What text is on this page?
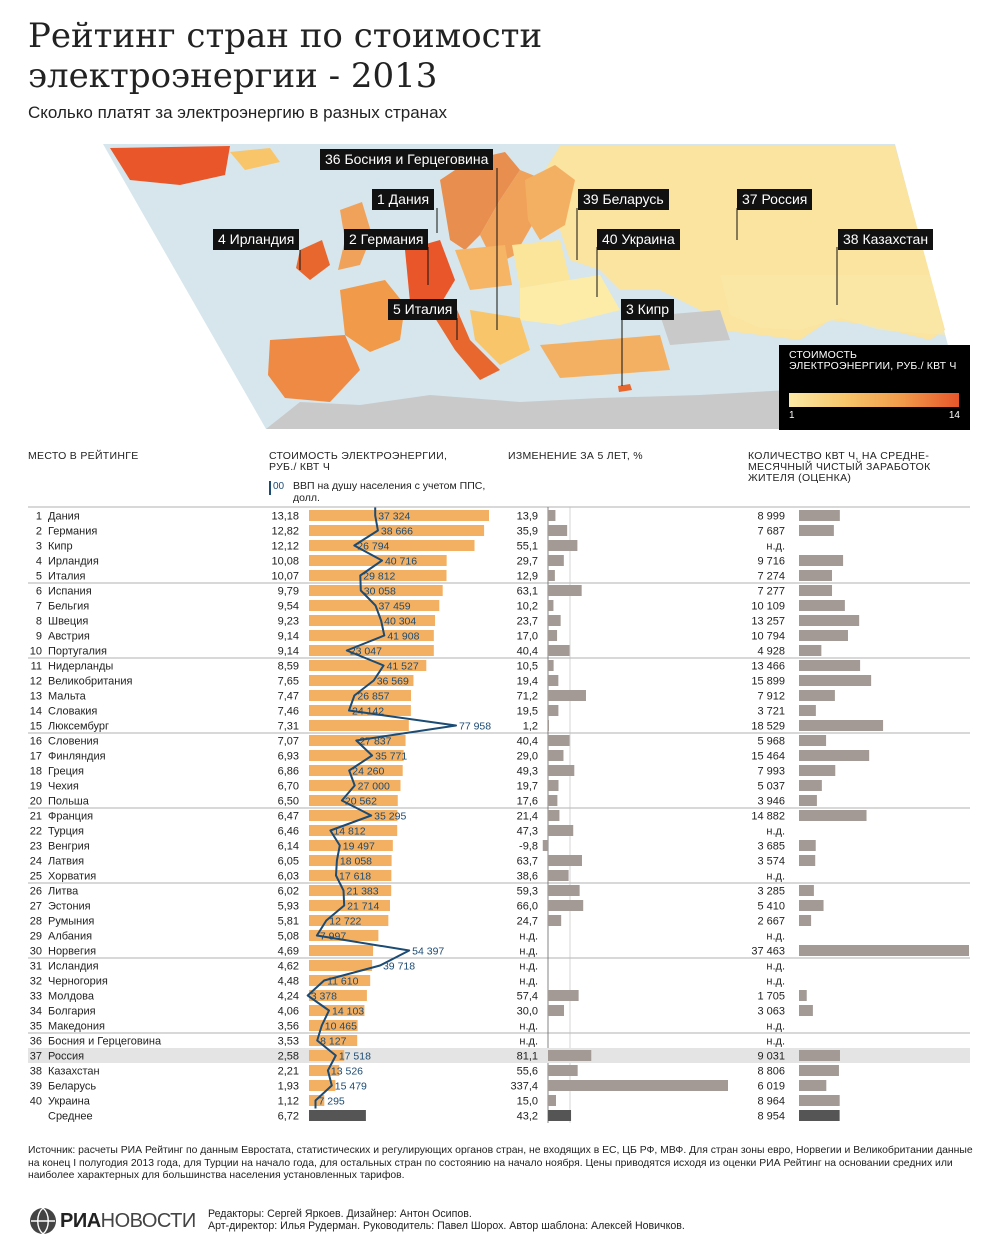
Рейтинг стран по стоимости электроэнергии - 2013
Сколько платят за электроэнергию в разных странах
36 Босния и Герцеговина
1 Дания	39 Беларусь	37 Россия
4 Ирландия	2 Германия	40 Украина	38 Казахстан
5 Италия	3 Кипр
СТОИМОСТЬ ЭЛЕКТРОЭНЕРГИИ, РУБ./ КВТ Ч
1	14
МЕСТО В РЕЙТИНГЕ	СТОИМОСТЬ ЭЛЕКТРОЭНЕРГИИ, РУБ./ КВТ Ч
ИЗМЕНЕНИЕ ЗА 5 ЛЕТ, %	КОЛИЧЕСТВО КВТ Ч, НА СРЕДНЕ-МЕСЯЧНЫЙ ЧИСТЫЙ ЗАРАБОТОК ЖИТЕЛЯ (ОЦЕНКА)
00 ВВП на душу населения с учетом ППС, долл.
1 Дания	13,18	13,9	8 999
2 Германия	12,82	35,9	7 687
3 Кипр	12,12	55,1	н.д.
4 Ирландия	10,08	29,7	9 716
5 Италия	10,07	12,9	7 274
6 Испания	9,79	63,1	7 277
7 Бельгия	9,54	10,2	10 109
8 Швеция	9,23	23,7	13 257
9 Австрия	9,14	17,0	10 794
10 Португалия	9,14	40,4	4 928
11 Нидерланды	8,59	10,5	13 466
12 Великобритания	7,65	19,4	15 899
13 Мальта	7,47	71,2	7 912
14 Словакия	7,46	19,5	3 721
15 Люксембург	7,31	1,2	18 529
16 Словения	7,07	40,4	5 968
17 Финляндия	6,93	29,0	15 464
18 Греция	6,86	49,3	7 993
19 Чехия	6,70	19,7	5 037
20 Польша	6,50	17,6	3 946
21 Франция	6,47	21,4	14 882
22 Турция	6,46	47,3	н.д.
23 Венгрия	6,14	-9,8	3 685
24 Латвия	6,05	63,7	3 574
25 Хорватия	6,03	38,6	н.д.
26 Литва	6,02	59,3	3 285
27 Эстония	5,93	66,0	5 410
28 Румыния	5,81	24,7	2 667
29 Албания	5,08	н.д.	н.д.
30 Норвегия	4,69	н.д.	37 463
31 Исландия	4,62	н.д.	н.д.
32 Черногория	4,48	н.д.	н.д.
33 Молдова	4,24	57,4	1 705
34 Болгария	4,06	30,0	3 063
35 Македония	3,56	н.д.	н.д.
36 Босния и Герцеговина	3,53	н.д.	н.д.
37 Россия	2,58	81,1	9 031
38 Казахстан	2,21	55,6	8 806
39 Беларусь	1,93	337,4	6 019
40 Украина	1,12	15,0	8 964
37 324
38 666
26 794
40 716
29 812
30 058
37 459
40 304
41 908
23 047
41 527
36 569
26 857
24 142
77 958
27 837
35 771
24 260
27 000
20 562
35 295
14 812
19 497
18 058
17 618
21 383
21 714
12 722
7 997
54 397
39 718
11 610
3 378
14 103
10 465
8 127
17 518
13 526
15 479
7 295
Среднее	6,72	43,2	8 954

Источник: расчеты РИА Рейтинг по данным Евростата, статистических и регулирующих органов стран, не входящих в ЕС, ЦБ РФ, МВФ. Для стран зоны евро, Норвегии и Великобритании данные на конец I полугодия 2013 года, для Турции на начало года, для остальных стран по состоянию на начало ноября. Цены приводятся исходя из оценки РИА Рейтинг на основании средних или наиболее характерных для большинства населения установленных тарифов.

РИАНОВОСТИ Редакторы: Сергей Яркоев. Дизайнер: Антон Осипов.
Арт-директор: Илья Рудерман. Руководитель: Павел Шорох. Автор шаблона: Алексей Новичков.
